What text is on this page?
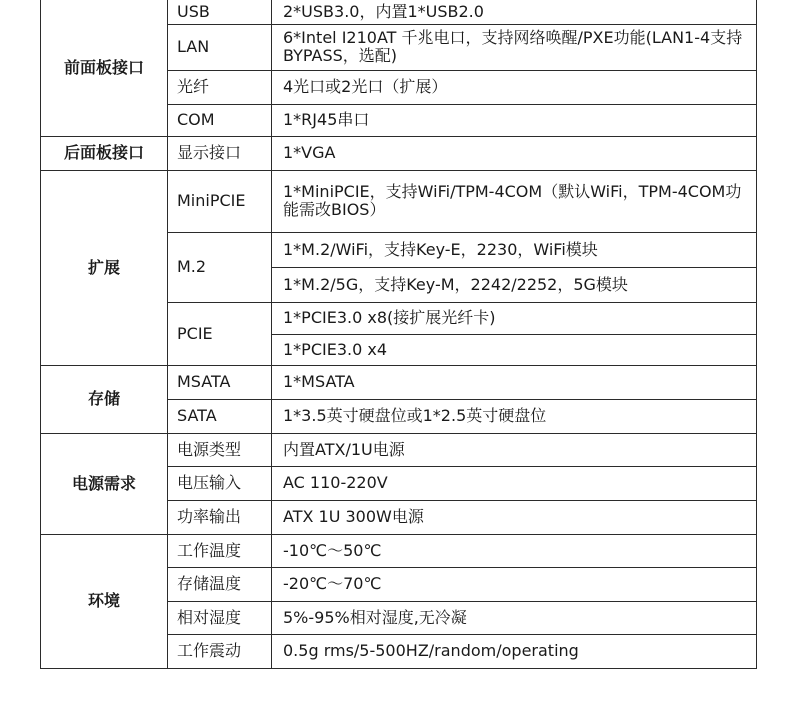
前面板接口	USB	2*USB3.0，内置1*USB2.0
	LAN	6*Intel I210AT 千兆电口，支持网络唤醒/PXE功能(LAN1-4支持BYPASS，选配)
	光纤	4光口或2光口（扩展）
	COM	1*RJ45串口
后面板接口	显示接口	1*VGA
扩展	MiniPCIE	1*MiniPCIE，支持WiFi/TPM-4COM（默认WiFi，TPM-4COM功能需改BIOS）
	M.2	1*M.2/WiFi，支持Key-E，2230，WiFi模块
		1*M.2/5G，支持Key-M，2242/2252，5G模块
	PCIE	1*PCIE3.0 x8(接扩展光纤卡)
		1*PCIE3.0 x4
存储	MSATA	1*MSATA
	SATA	1*3.5英寸硬盘位或1*2.5英寸硬盘位
电源需求	电源类型	内置ATX/1U电源
	电压输入	AC 110-220V
	功率输出	ATX 1U 300W电源
环境	工作温度	-10℃～50℃
	存储温度	-20℃～70℃
	相对湿度	5%-95%相对湿度,无冷凝
	工作震动	0.5g rms/5-500HZ/random/operating
